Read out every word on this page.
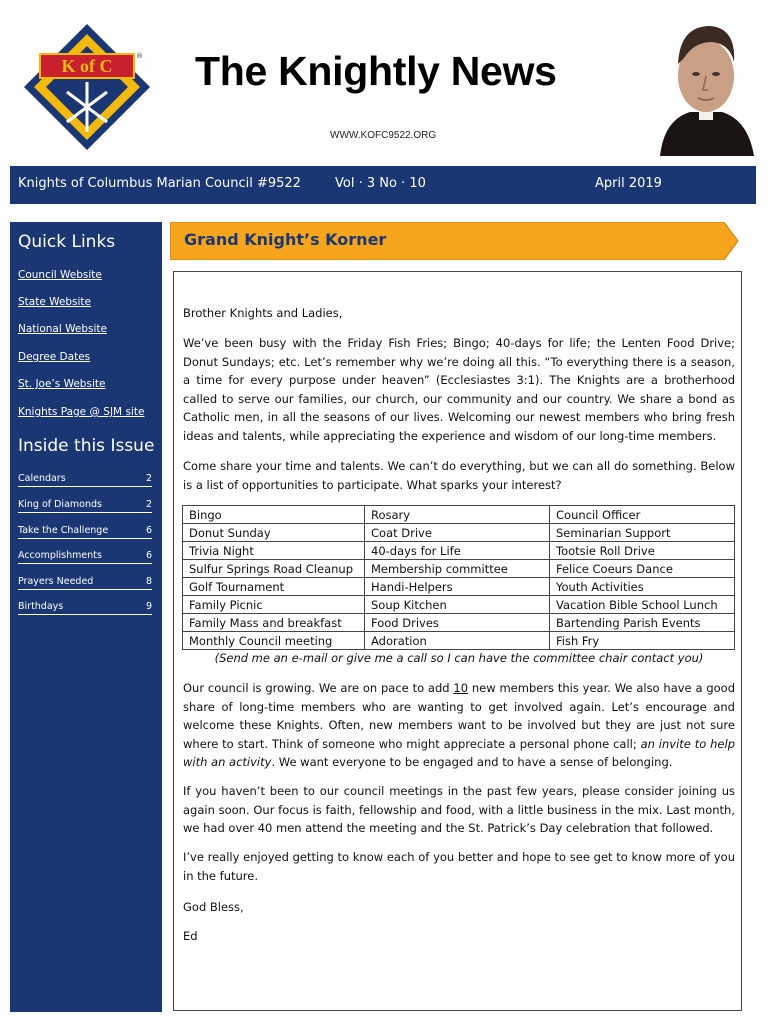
K of C	® The Knightly News
WWW.KOFC9522.ORG
Knights of Columbus Marian Council #9522	Vol · 3 No · 10	April 2019
Quick Links
Council Website
State Website
National Website
Degree Dates
St. Joe’s Website
Knights Page @ SJM site
Inside this Issue
Calendars	2
King of Diamonds	2
Take the Challenge	6
Accomplishments	6
Prayers Needed	8
Birthdays	9
Grand Knight’s Korner
Brother Knights and Ladies,
We’ve been busy with the Friday Fish Fries; Bingo; 40-days for life; the Lenten Food Drive; Donut Sundays; etc. Let’s remember why we’re doing all this. “To everything there is a season, a time for every purpose under heaven” (Ecclesiastes 3:1). The Knights are a brotherhood called to serve our families, our church, our community and our country. We share a bond as Catholic men, in all the seasons of our lives. Welcoming our newest members who bring fresh ideas and talents, while appreciating the experience and wisdom of our long-time members.
Come share your time and talents. We can’t do everything, but we can all do something. Below is a list of opportunities to participate. What sparks your interest?
Bingo	Rosary	Council Officer
Donut Sunday	Coat Drive	Seminarian Support
Trivia Night	40-days for Life	Tootsie Roll Drive
Sulfur Springs Road Cleanup	Membership committee	Felice Coeurs Dance
Golf Tournament	Handi-Helpers	Youth Activities
Family Picnic	Soup Kitchen	Vacation Bible School Lunch
Family Mass and breakfast	Food Drives	Bartending Parish Events
Monthly Council meeting	Adoration	Fish Fry
(Send me an e-mail or give me a call so I can have the committee chair contact you)
Our council is growing. We are on pace to add 10 new members this year. We also have a good share of long-time members who are wanting to get involved again. Let’s encourage and welcome these Knights. Often, new members want to be involved but they are just not sure where to start. Think of someone who might appreciate a personal phone call; an invite to help with an activity. We want everyone to be engaged and to have a sense of belonging.
If you haven’t been to our council meetings in the past few years, please consider joining us again soon. Our focus is faith, fellowship and food, with a little business in the mix. Last month, we had over 40 men attend the meeting and the St. Patrick’s Day celebration that followed.
I’ve really enjoyed getting to know each of you better and hope to see get to know more of you in the future.
God Bless,
Ed
